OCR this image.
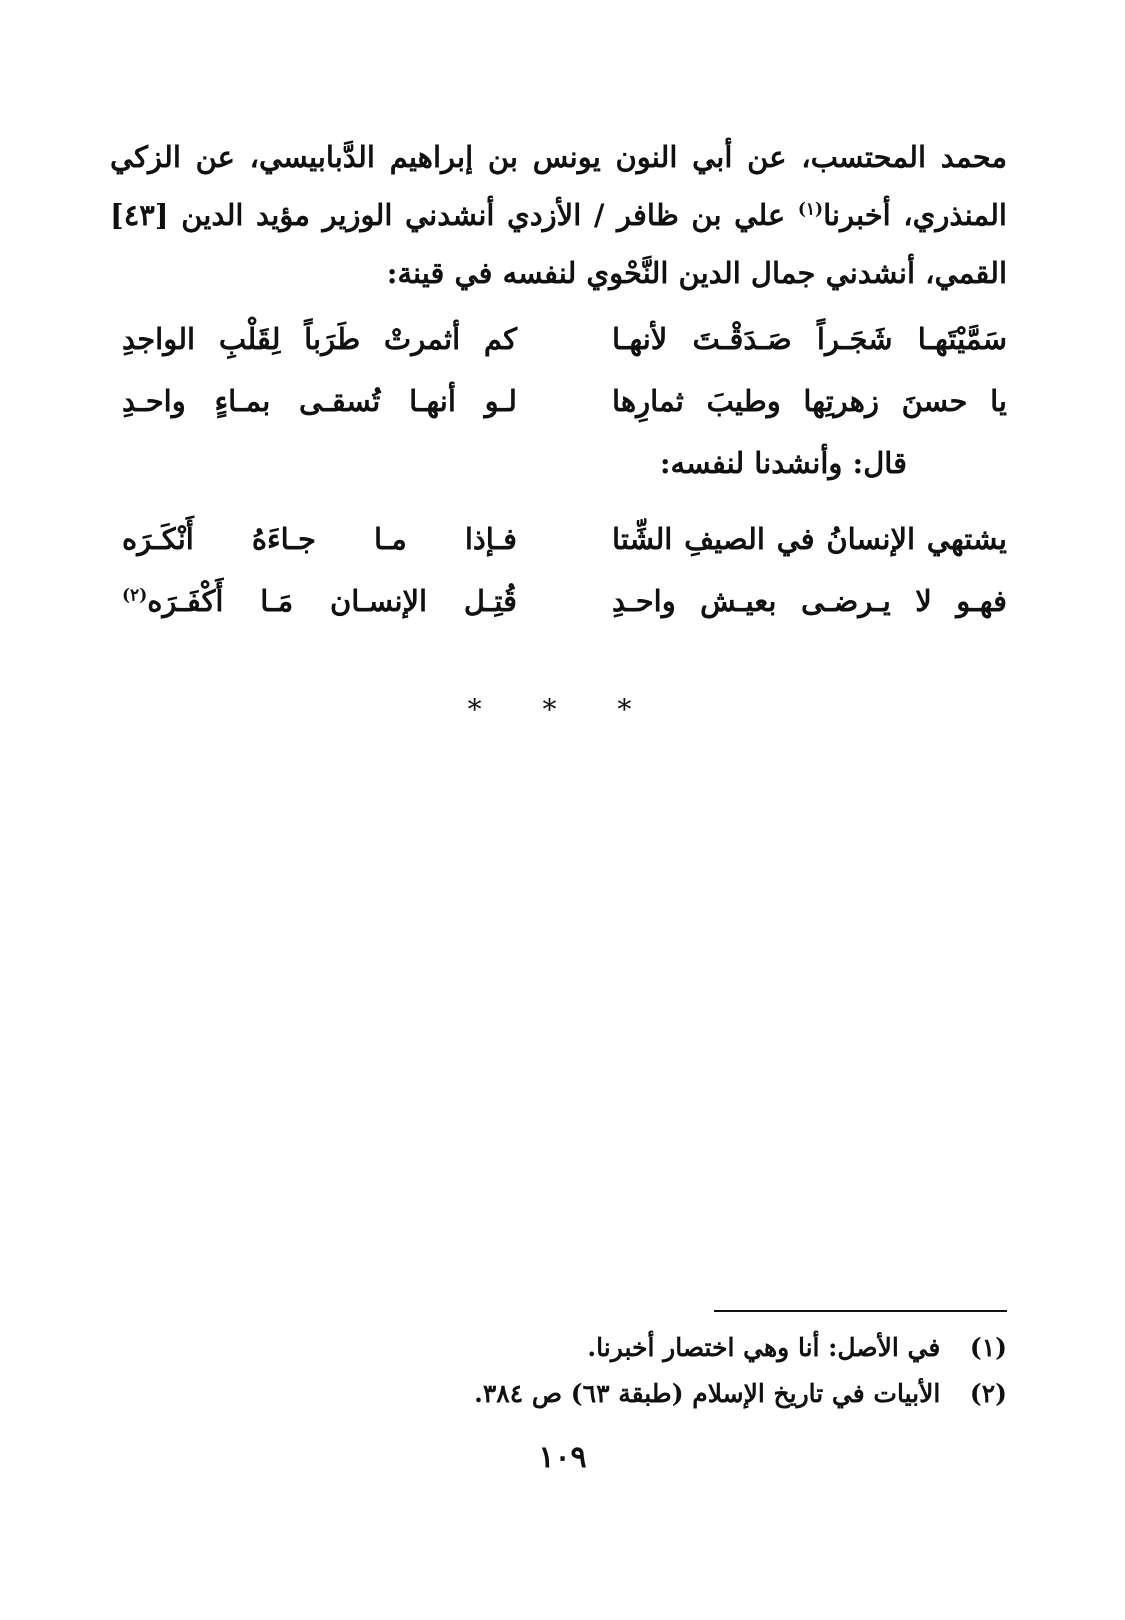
محمد المحتسب، عن أبي النون يونس بن إبراهيم الدَّبابيسي، عن الزكي
المنذري، أخبرنا$^{(١)}$ علي بن ظافر / الأزدي أنشدني الوزير مؤيد الدين [٤٣]
القمي، أنشدني جمال الدين النَّحْوي لنفسه في قينة:
سَمَّيْتَهـا شَجَـراً صَـدَقْـتَ لأنهـا
كم أثمرتْ طَرَباً لِقَلْبِ الواجدِ
يا حسنَ زهرتِها وطيبَ ثمارِها
لـو أنهـا تُسقـى بمـاءٍ واحـدِ
قال: وأنشدنا لنفسه:
يشتهي الإنسانُ في الصيفِ الشِّتا
فـإذا مـا جـاءَهُ أَنْكَـرَه
فهـو لا يـرضـى بعيـش واحـدِ
قُتِـل الإنسـان مَـا أَكْفَـرَه$^{(٢)}$
* * *
(١) في الأصل: أنا وهي اختصار أخبرنا.
(٢) الأبيات في تاريخ الإسلام (طبقة ٦٣) ص ٣٨٤.
١٠٩
